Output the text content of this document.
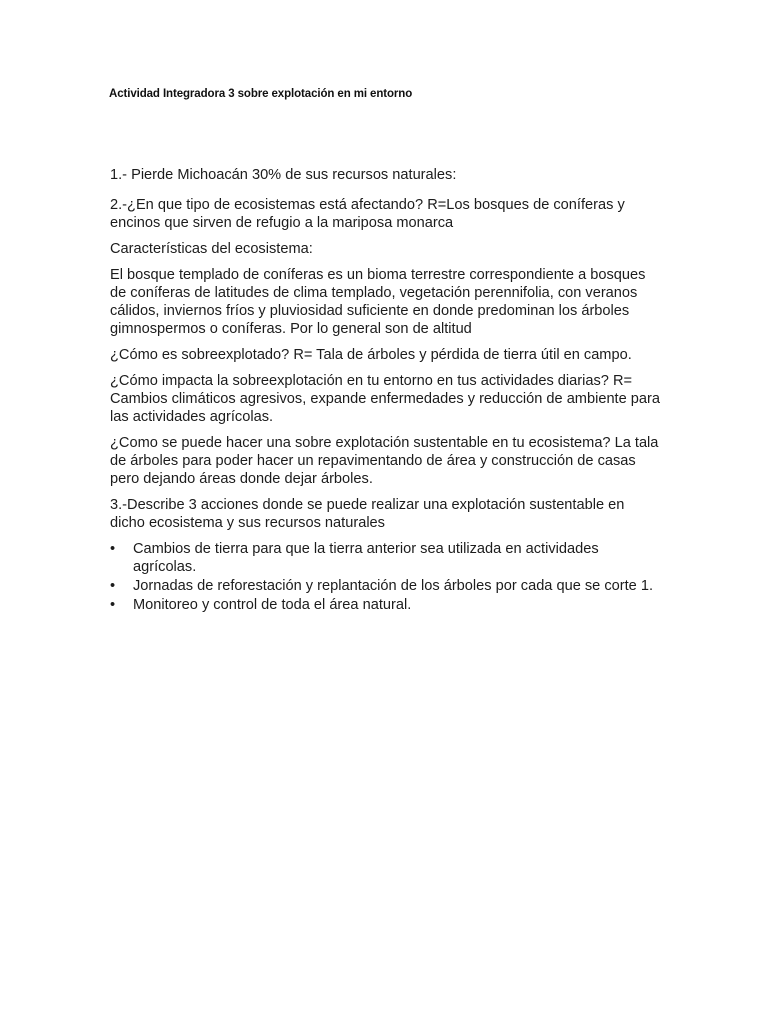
Actividad Integradora 3 sobre explotación en mi entorno

1.- Pierde Michoacán 30% de sus recursos naturales:

2.-¿En que tipo de ecosistemas está afectando? R=Los bosques de coníferas y encinos que sirven de refugio a la mariposa monarca

Características del ecosistema:

El bosque templado de coníferas es un bioma terrestre correspondiente a bosques de coníferas de latitudes de clima templado, vegetación perennifolia, con veranos cálidos, inviernos fríos y pluviosidad suficiente en donde predominan los árboles gimnospermos o coníferas. Por lo general son de altitud

¿Cómo es sobreexplotado? R= Tala de árboles y pérdida de tierra útil en campo.

¿Cómo impacta la sobreexplotación en tu entorno en tus actividades diarias? R= Cambios climáticos agresivos, expande enfermedades y reducción de ambiente para las actividades agrícolas.

¿Como se puede hacer una sobre explotación sustentable en tu ecosistema? La tala de árboles para poder hacer un repavimentando de área y construcción de casas pero dejando áreas donde dejar árboles.

3.-Describe 3 acciones donde se puede realizar una explotación sustentable en dicho ecosistema y sus recursos naturales

• Cambios de tierra para que la tierra anterior sea utilizada en actividades agrícolas.
• Jornadas de reforestación y replantación de los árboles por cada que se corte 1.
• Monitoreo y control de toda el área natural.
